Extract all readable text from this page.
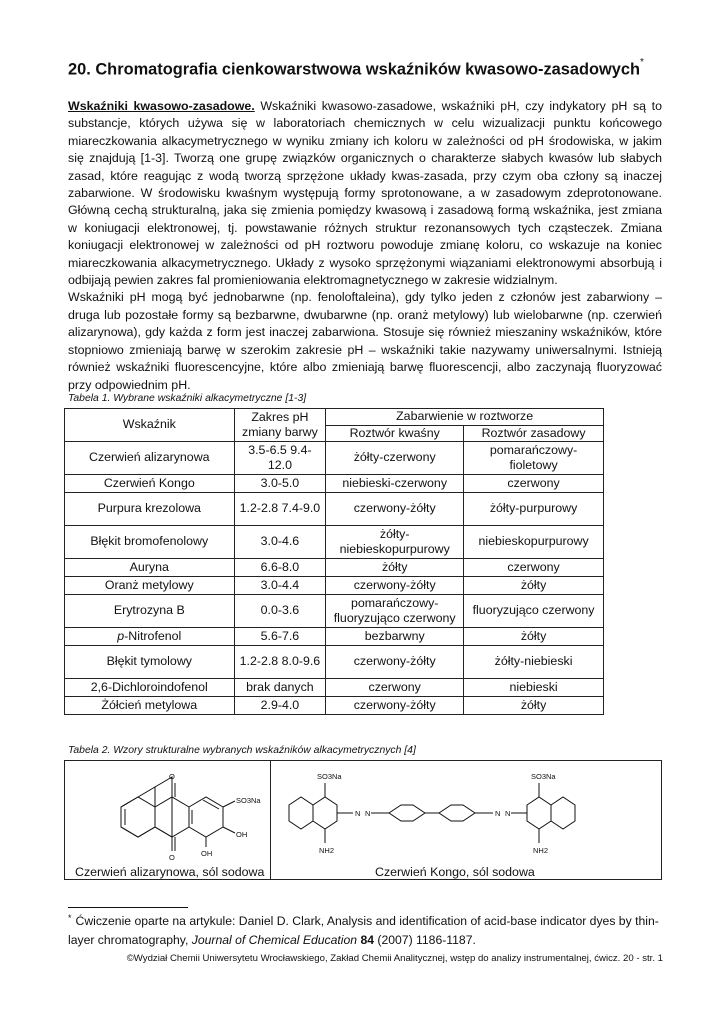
20. Chromatografia cienkowarstwowa wskaźników kwasowo-zasadowych*

Wskaźniki kwasowo-zasadowe. Wskaźniki kwasowo-zasadowe, wskaźniki pH, czy indykatory pH są to substancje, których używa się w laboratoriach chemicznych w celu wizualizacji punktu końcowego miareczkowania alkacymetrycznego w wyniku zmiany ich koloru w zależności od pH środowiska, w jakim się znajdują [1-3]. Tworzą one grupę związków organicznych o charakterze słabych kwasów lub słabych zasad, które reagując z wodą tworzą sprzężone układy kwas-zasada, przy czym oba człony są inaczej zabarwione. W środowisku kwaśnym występują formy sprotonowane, a w zasadowym zdeprotonowane. Główną cechą strukturalną, jaka się zmienia pomiędzy kwasową i zasadową formą wskaźnika, jest zmiana w koniugacji elektronowej, tj. powstawanie różnych struktur rezonansowych tych cząsteczek. Zmiana koniugacji elektronowej w zależności od pH roztworu powoduje zmianę koloru, co wskazuje na koniec miareczkowania alkacymetrycznego. Układy z wysoko sprzężonymi wiązaniami elektronowymi absorbują i odbijają pewien zakres fal promieniowania elektromagnetycznego w zakresie widzialnym.

Wskaźniki pH mogą być jednobarwne (np. fenoloftaleina), gdy tylko jeden z członów jest zabarwiony – druga lub pozostałe formy są bezbarwne, dwubarwne (np. oranż metylowy) lub wielobarwne (np. czerwień alizarynowa), gdy każda z form jest inaczej zabarwiona. Stosuje się również mieszaniny wskaźników, które stopniowo zmieniają barwę w szerokim zakresie pH – wskaźniki takie nazywamy uniwersalnymi. Istnieją również wskaźniki fluorescencyjne, które albo zmieniają barwę fluorescencji, albo zaczynają fluoryzować przy odpowiednim pH.

Tabela 1. Wybrane wskaźniki alkacymetryczne [1-3]
Wskaźnik	Zakres pH zmiany barwy	Zabarwienie w roztworze	
		Roztwór kwaśny	Roztwór zasadowy
Czerwień alizarynowa	3.5-6.5 9.4-12.0	żółty-czerwony	pomarańczowy-fioletowy
Czerwień Kongo	3.0-5.0	niebieski-czerwony	czerwony
Purpura krezolowa	1.2-2.8 7.4-9.0	czerwony-żółty	żółty-purpurowy
Błękit bromofenolowy	3.0-4.6	żółty-niebieskopurpurowy	niebieskopurpurowy
Auryna	6.6-8.0	żółty	czerwony
Oranż metylowy	3.0-4.4	czerwony-żółty	żółty
Erytrozyna B	0.0-3.6	pomarańczowy-fluoryzująco czerwony	fluoryzująco czerwony
p-Nitrofenol	5.6-7.6	bezbarwny	żółty
Błękit tymolowy	1.2-2.8 8.0-9.6	czerwony-żółty	żółty-niebieski
2,6-Dichloroindofenol	brak danych	czerwony	niebieski
Żółcień metylowa	2.9-4.0	czerwony-żółty	żółty
Tabela 2. Wzory strukturalne wybranych wskaźników alkacymetrycznych [4]
O
O
SO3Na
OH
OH
SO3Na
NH2
N N	N N
SO3Na
NH2
Czerwień alizarynowa, sól sodowa	Czerwień Kongo, sól sodowa
* Ćwiczenie oparte na artykule: Daniel D. Clark, Analysis and identification of acid-base indicator dyes by thin-layer chromatography, Journal of Chemical Education 84 (2007) 1186-1187.
©Wydział Chemii Uniwersytetu Wrocławskiego, Zakład Chemii Analitycznej, wstęp do analizy instrumentalnej, ćwicz. 20 - str. 1
